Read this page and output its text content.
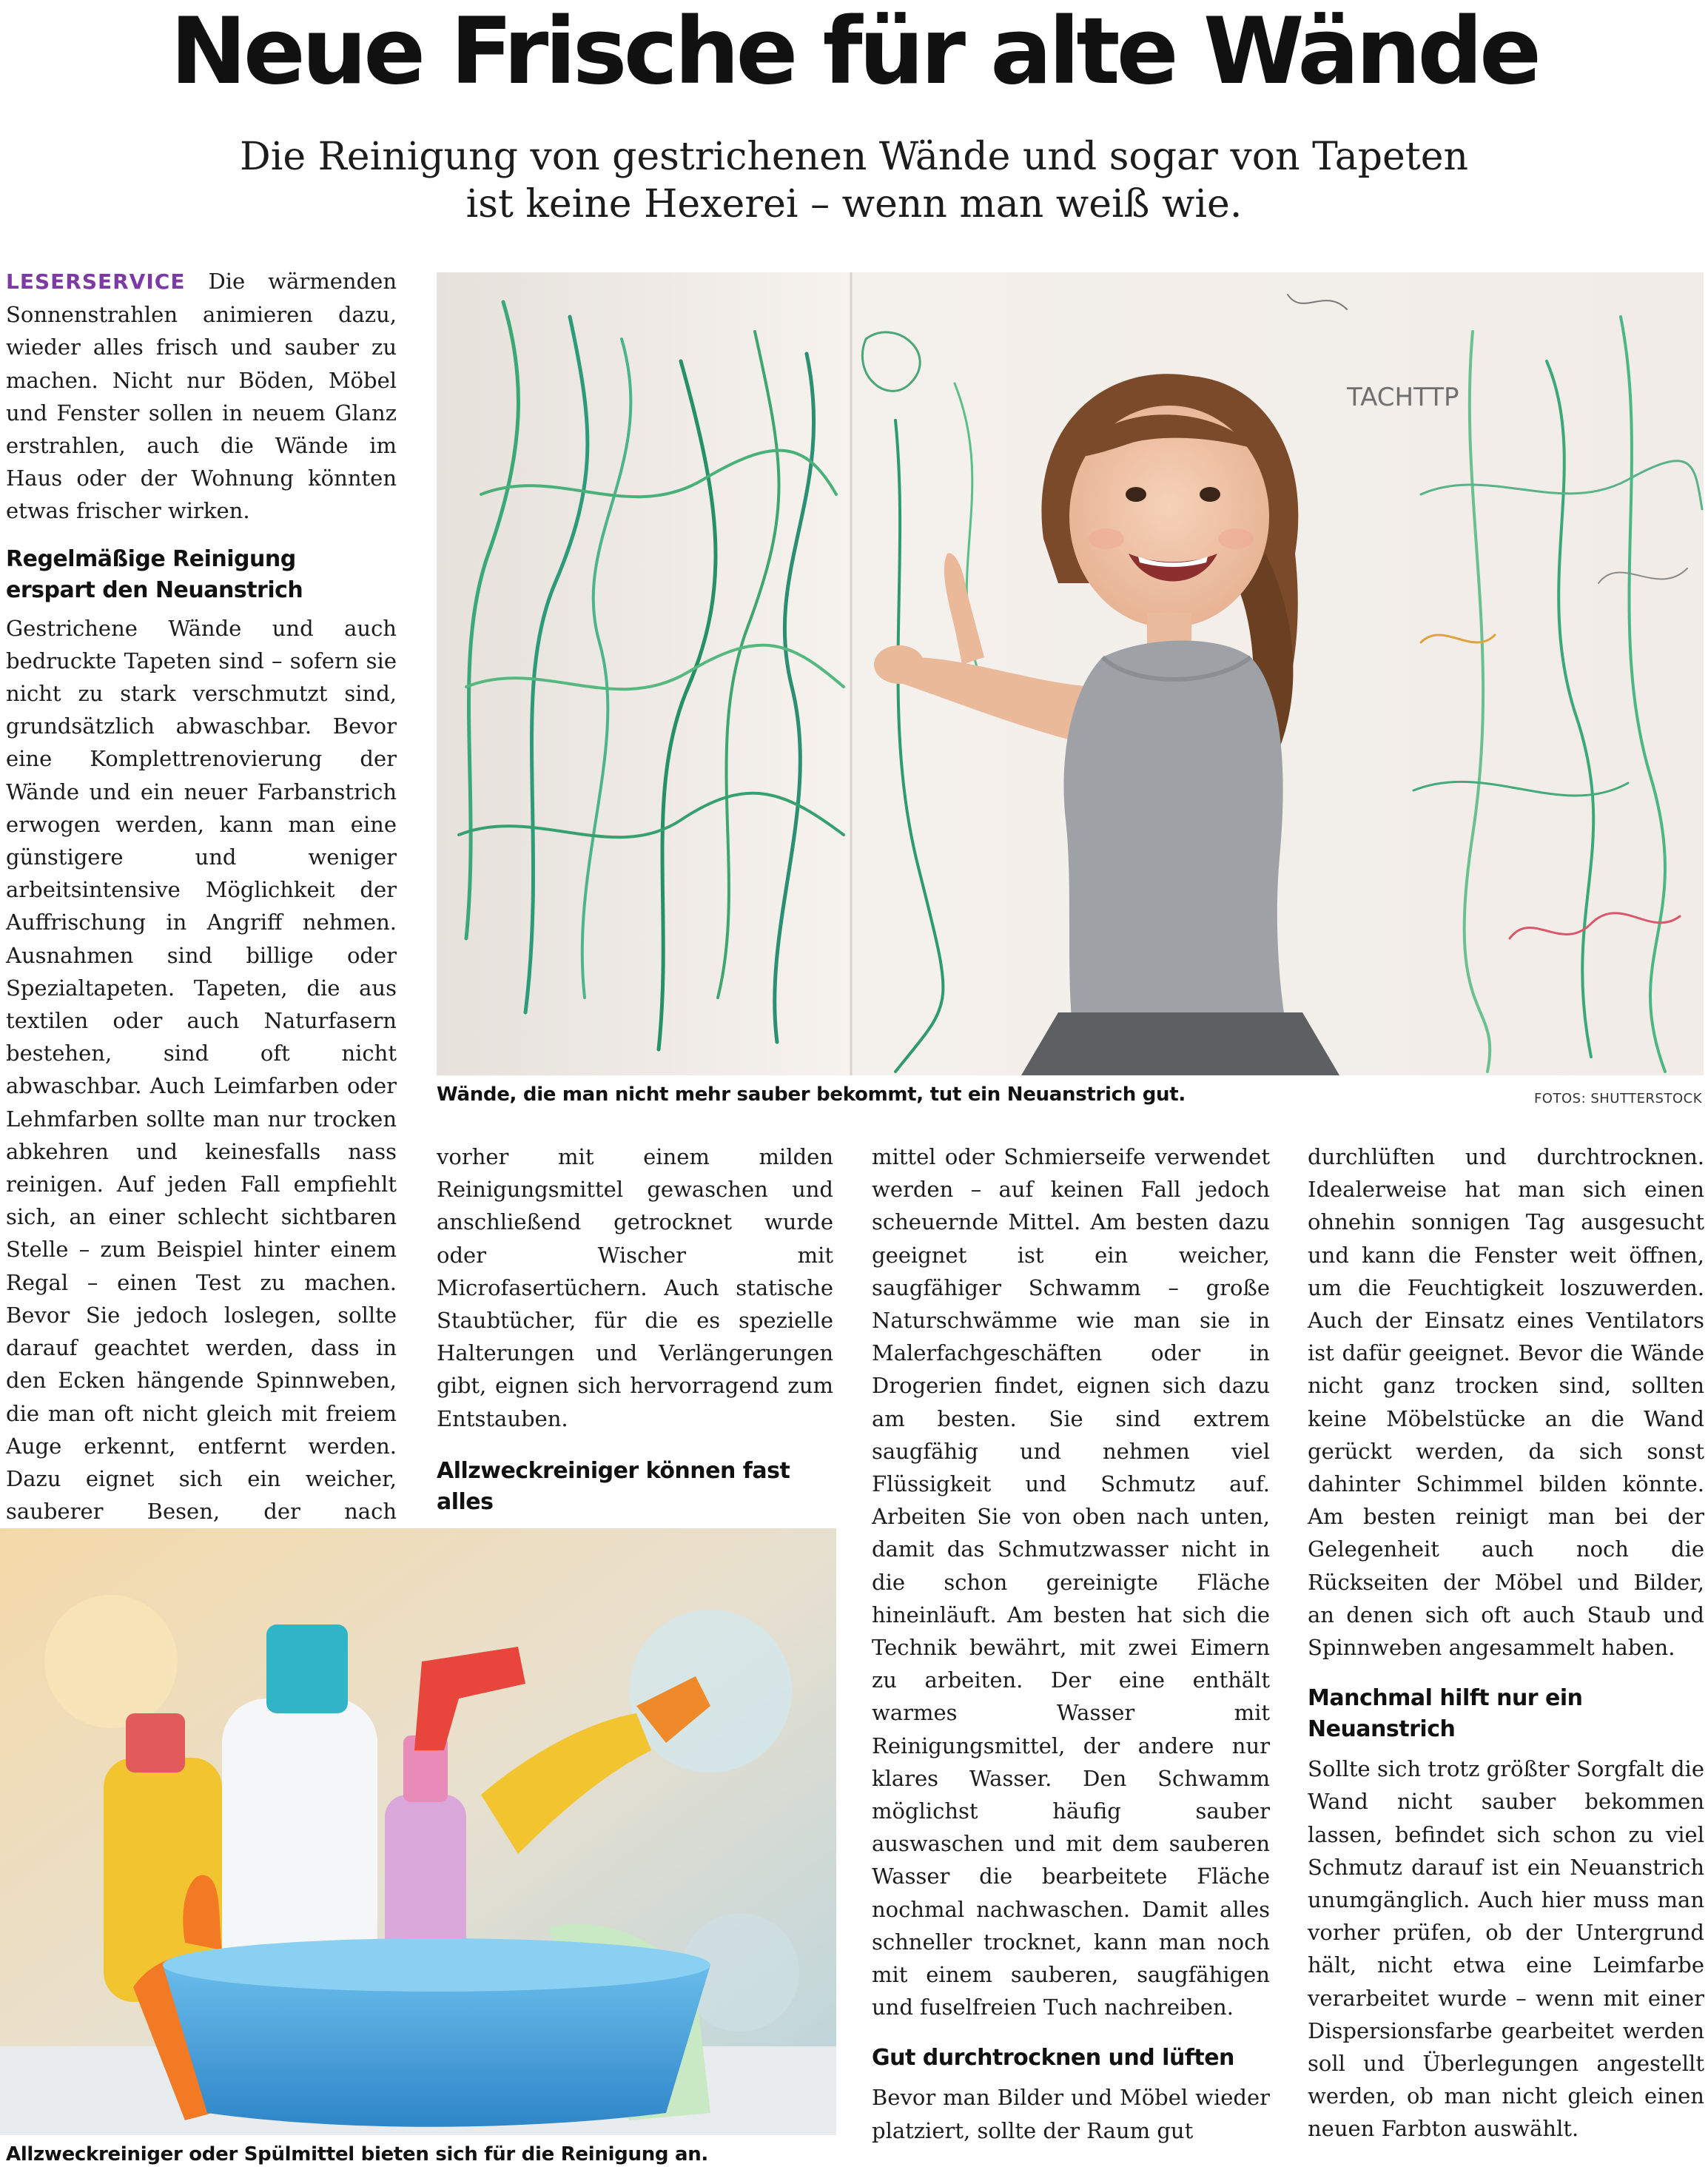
Neue Frische für alte Wände
Die Reinigung von gestrichenen Wände und sogar von Tapeten
ist keine Hexerei – wenn man weiß wie.

LESERSERVICE Die wärmenden Sonnenstrahlen animieren dazu, wieder alles frisch und sauber zu machen. Nicht nur Böden, Möbel und Fenster sollen in neuem Glanz erstrahlen, auch die Wände im Haus oder der Wohnung könnten etwas frischer wirken.

Regelmäßige Reinigung
erspart den Neuanstrich

Gestrichene Wände und auch bedruckte Tapeten sind – sofern sie nicht zu stark verschmutzt sind, grundsätzlich abwaschbar. Bevor eine Komplettrenovierung der Wände und ein neuer Farbanstrich erwogen werden, kann man eine günstigere und weniger arbeitsintensive Möglichkeit der Auffrischung in Angriff nehmen. Ausnahmen sind billige oder Spezialtapeten. Tapeten, die aus textilen oder auch Naturfasern bestehen, sind oft nicht abwaschbar. Auch Leimfarben oder Lehmfarben sollte man nur trocken abkehren und keinesfalls nass reinigen. Auf jeden Fall empfiehlt sich, an einer schlecht sichtbaren Stelle – zum Beispiel hinter einem Regal – einen Test zu machen. Bevor Sie jedoch loslegen, sollte darauf geachtet werden, dass in den Ecken hängende Spinnweben, die man oft nicht gleich mit freiem Auge erkennt, entfernt werden. Dazu eignet sich ein weicher, sauberer Besen, der nach

TACHTTP
Wände, die man nicht mehr sauber bekommt, tut ein Neuanstrich gut.	FOTOS: SHUTTERSTOCK

vorher mit einem milden Reinigungsmittel gewaschen und anschließend getrocknet wurde oder Wischer mit Microfasertüchern. Auch statische Staubtücher, für die es spezielle Halterungen und Verlängerungen gibt, eignen sich hervorragend zum Entstauben.

Allzweckreiniger können fast alles

mittel oder Schmierseife verwendet werden – auf keinen Fall jedoch scheuernde Mittel. Am besten dazu geeignet ist ein weicher, saugfähiger Schwamm – große Naturschwämme wie man sie in Malerfachgeschäften oder in Drogerien findet, eignen sich dazu am besten. Sie sind extrem saugfähig und nehmen viel Flüssigkeit und Schmutz auf. Arbeiten Sie von oben nach unten, damit das Schmutzwasser nicht in die schon gereinigte Fläche hineinläuft. Am besten hat sich die Technik bewährt, mit zwei Eimern zu arbeiten. Der eine enthält warmes Wasser mit Reinigungsmittel, der andere nur klares Wasser. Den Schwamm möglichst häufig sauber auswaschen und mit dem sauberen Wasser die bearbeitete Fläche nochmal nachwaschen. Damit alles schneller trocknet, kann man noch mit einem sauberen, saugfähigen und fuselfreien Tuch nachreiben.

Gut durchtrocknen und lüften

Bevor man Bilder und Möbel wieder platziert, sollte der Raum gut

durchlüften und durchtrocknen. Idealerweise hat man sich einen ohnehin sonnigen Tag ausgesucht und kann die Fenster weit öffnen, um die Feuchtigkeit loszuwerden. Auch der Einsatz eines Ventilators ist dafür geeignet. Bevor die Wände nicht ganz trocken sind, sollten keine Möbelstücke an die Wand gerückt werden, da sich sonst dahinter Schimmel bilden könnte. Am besten reinigt man bei der Gelegenheit auch noch die Rückseiten der Möbel und Bilder, an denen sich oft auch Staub und Spinnweben angesammelt haben.

Manchmal hilft nur ein Neuanstrich

Sollte sich trotz größter Sorgfalt die Wand nicht sauber bekommen lassen, befindet sich schon zu viel Schmutz darauf ist ein Neuanstrich unumgänglich. Auch hier muss man vorher prüfen, ob der Untergrund hält, nicht etwa eine Leimfarbe verarbeitet wurde – wenn mit einer Dispersionsfarbe gearbeitet werden soll und Überlegungen angestellt werden, ob man nicht gleich einen neuen Farbton auswählt.

Allzweckreiniger oder Spülmittel bieten sich für die Reinigung an.
